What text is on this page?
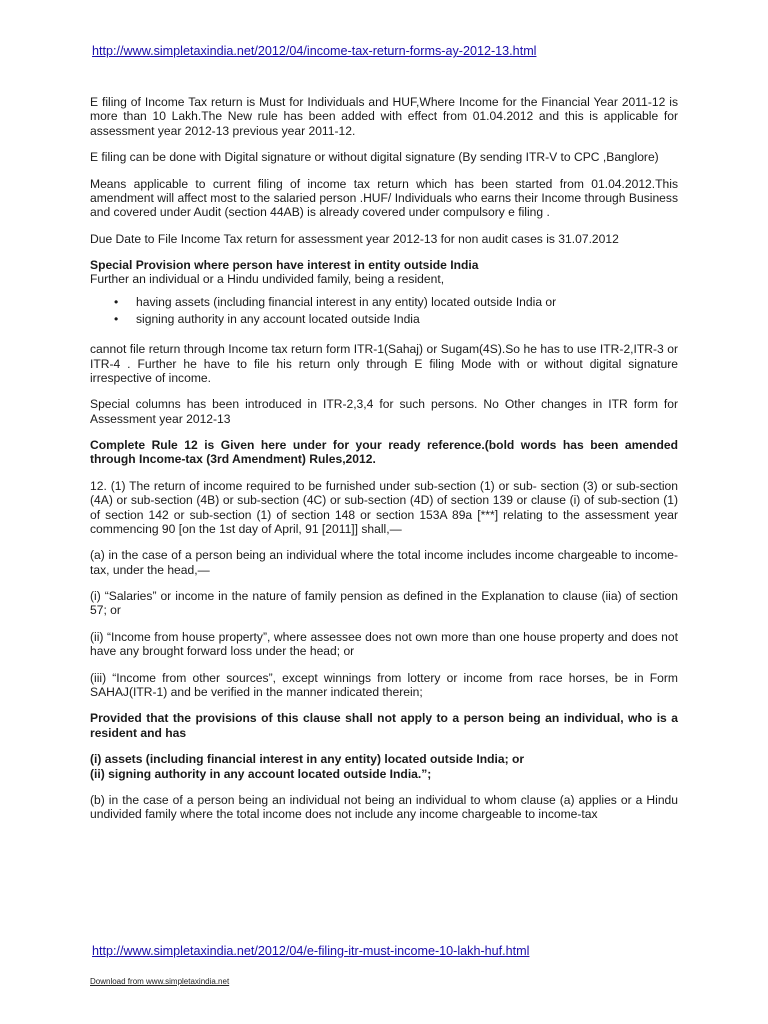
http://www.simpletaxindia.net/2012/04/income-tax-return-forms-ay-2012-13.html

E filing of Income Tax return is Must for Individuals and HUF,Where Income for the Financial Year 2011-12 is more than 10 Lakh.The New rule has been added with effect from 01.04.2012 and this is applicable for assessment year 2012-13 previous year 2011-12.

E filing can be done with Digital signature or without digital signature (By sending ITR-V to CPC ,Banglore)

Means applicable to current filing of income tax return which has been started from 01.04.2012.This amendment will affect most to the salaried person .HUF/ Individuals who earns their Income through Business and covered under Audit (section 44AB) is already covered under compulsory e filing .

Due Date to File Income Tax return for assessment year 2012-13 for non audit cases is 31.07.2012

Special Provision where person have interest in entity outside India
Further an individual or a Hindu undivided family, being a resident,

• having assets (including financial interest in any entity) located outside India or
• signing authority in any account located outside India

cannot file return through Income tax return form ITR-1(Sahaj) or Sugam(4S).So he has to use ITR-2,ITR-3 or ITR-4 . Further he have to file his return only through E filing Mode with or without digital signature irrespective of income.

Special columns has been introduced in ITR-2,3,4 for such persons. No Other changes in ITR form for Assessment year 2012-13

Complete Rule 12 is Given here under for your ready reference.(bold words has been amended through Income-tax (3rd Amendment) Rules,2012.

12. (1) The return of income required to be furnished under sub-section (1) or sub- section (3) or sub-section (4A) or sub-section (4B) or sub-section (4C) or sub-section (4D) of section 139 or clause (i) of sub-section (1) of section 142 or sub-section (1) of section 148 or section 153A 89a [***] relating to the assessment year commencing 90 [on the 1st day of April, 91 [2011]] shall,—

(a) in the case of a person being an individual where the total income includes income chargeable to income-tax, under the head,—

(i) “Salaries” or income in the nature of family pension as defined in the Explanation to clause (iia) of section 57; or

(ii) “Income from house property”, where assessee does not own more than one house property and does not have any brought forward loss under the head; or

(iii) “Income from other sources”, except winnings from lottery or income from race horses, be in Form SAHAJ(ITR-1) and be verified in the manner indicated therein;

Provided that the provisions of this clause shall not apply to a person being an individual, who is a resident and has

(i) assets (including financial interest in any entity) located outside India; or
(ii) signing authority in any account located outside India.”;

(b) in the case of a person being an individual not being an individual to whom clause (a) applies or a Hindu undivided family where the total income does not include any income chargeable to income-tax

http://www.simpletaxindia.net/2012/04/e-filing-itr-must-income-10-lakh-huf.html
Download from www.simpletaxindia.net
